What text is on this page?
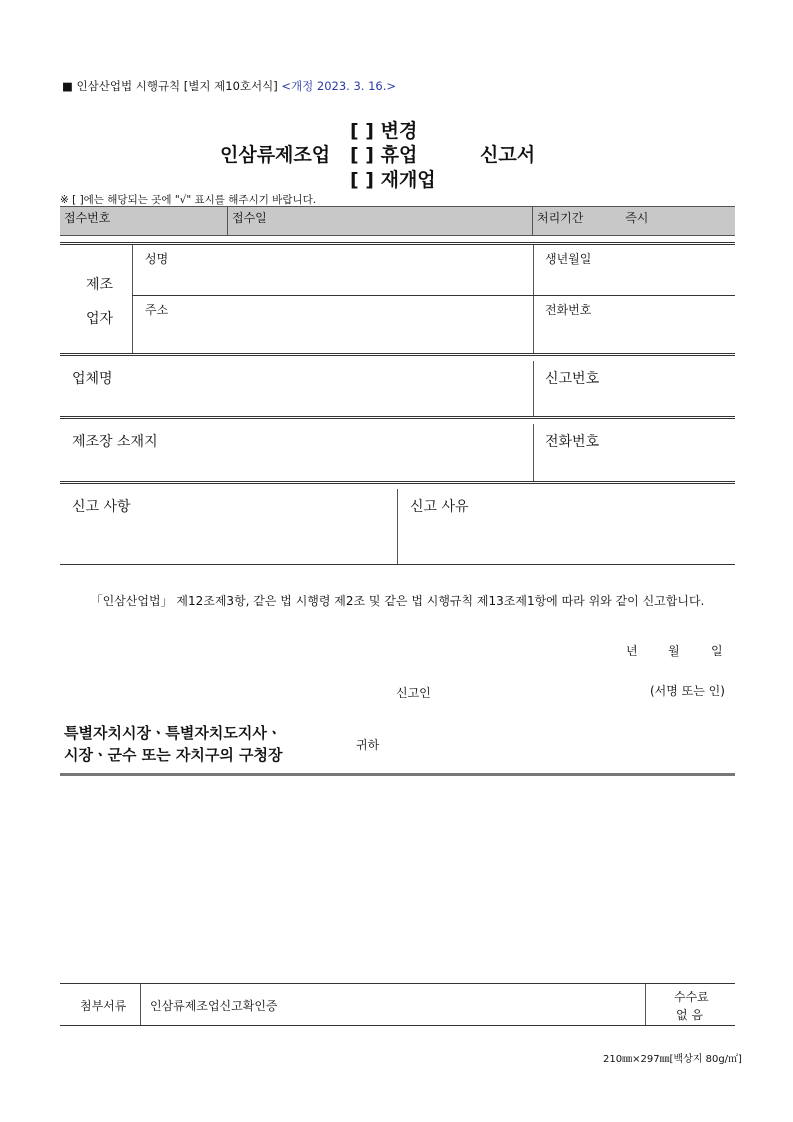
■ 인삼산업법 시행규칙 [별지 제10호서식] <개정 2023. 3. 16.>
인삼류제조업
[ ] 변경
[ ] 휴업
[ ] 재개업
신고서
※ [ ]에는 해당되는 곳에 "√" 표시를 해주시기 바랍니다.
접수번호	접수일	처리기간	즉시
제조
업자
성명	생년월일
주소	전화번호
업체명	신고번호
제조장 소재지	전화번호
신고 사항	신고 사유
「인삼산업법」 제12조제3항, 같은 법 시행령 제2조 및 같은 법 시행규칙 제13조제1항에 따라 위와 같이 신고합니다.
년	월	일
신고인	(서명 또는 인)
특별자치시장ㆍ특별자치도지사ㆍ
시장ㆍ군수 또는 자치구의 구청장
귀하
첨부서류 인삼류제조업신고확인증
수수료
없 음
210㎜×297㎜[백상지 80g/㎡]
